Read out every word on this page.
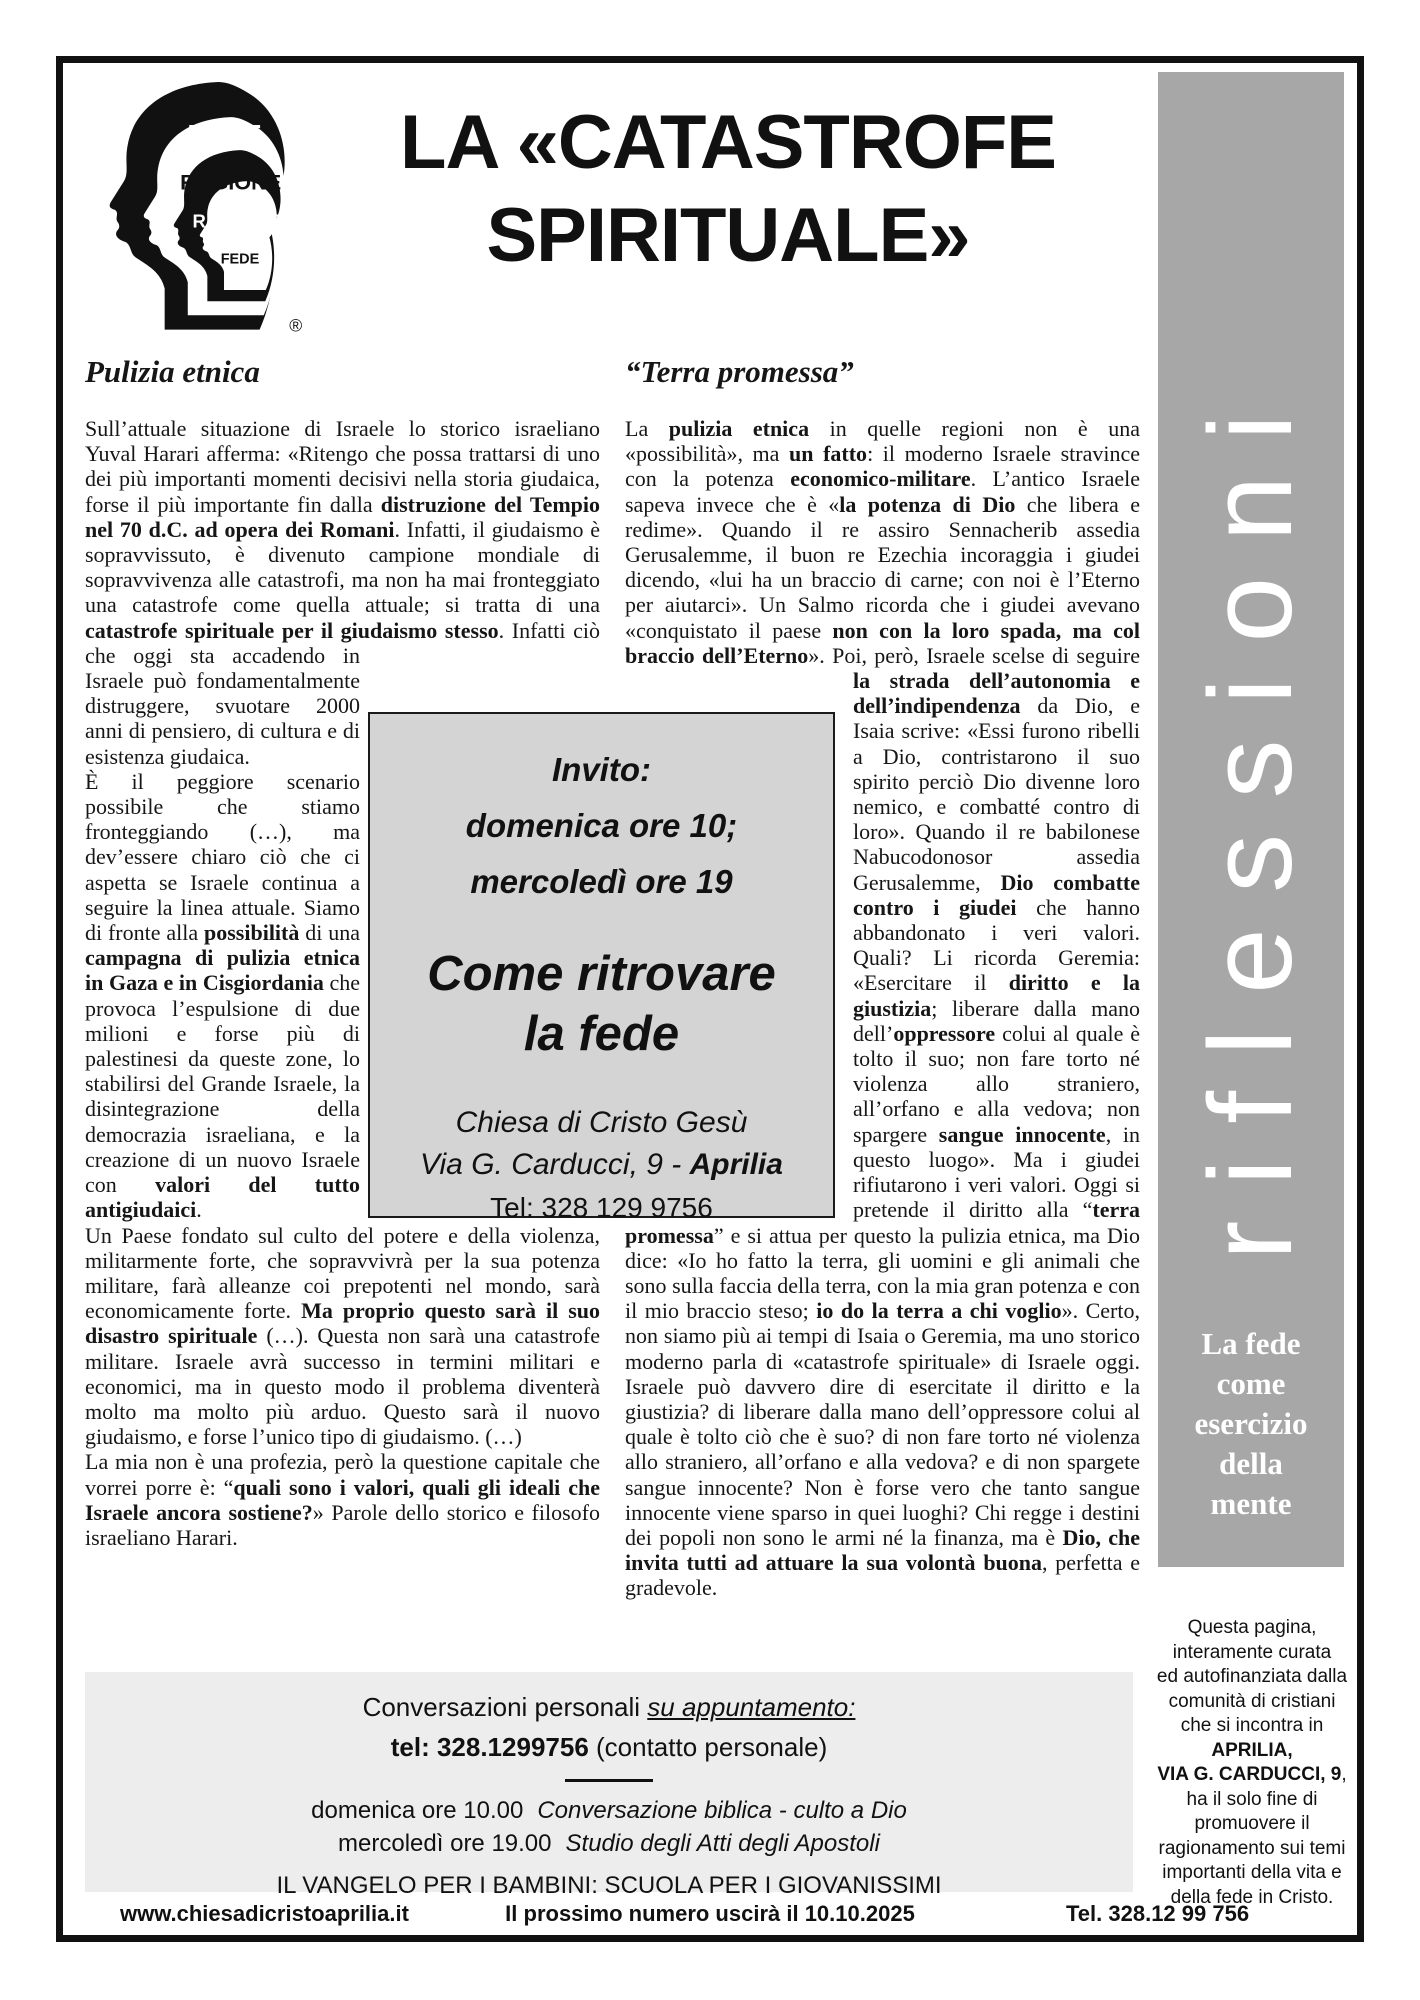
FEDE
RAGIONE
RAGIONE
FEDE
®
LA «CATASTROFE
SPIRITUALE»
Pulizia etnica

Sull’attuale situazione di Israele lo storico israeliano Yuval Harari afferma: «Ritengo che possa trattarsi di uno dei più importanti momenti decisivi nella storia giudaica, forse il più importante fin dalla distruzione del Tempio nel 70 d.C. ad opera dei Romani. Infatti, il giudaismo è sopravvissuto, è divenuto campione mondiale di sopravvivenza alle catastrofi, ma non ha mai fronteggiato una catastrofe come quella attuale; si tratta di una catastrofe spirituale per il giudaismo stesso. Infatti ciò che oggi sta accadendo
in Israele può fondamentalmente distruggere, svuotare 2000 anni di pensiero, di cultura e di esistenza giudaica.

È il peggiore scenario possibile che stiamo fronteggiando (…), ma dev’essere chiaro ciò che ci aspetta se Israele continua a seguire la linea attuale. Siamo di fronte alla possibilità di una campagna di pulizia etnica in Gaza e in Cisgiordania che provoca l’espulsione di due milioni e forse più di palestinesi da queste zone, lo stabilirsi del Grande Israele, la disintegrazione della democrazia israeliana, e la creazione di un nuovo Israele con valori del tutto antigiudaici.

Un Paese fondato sul culto del potere e della violenza, militarmente forte, che sopravvivrà per la sua potenza militare, farà alleanze coi prepotenti nel mondo, sarà economicamente forte. Ma proprio questo sarà il suo disastro spirituale (…). Questa non sarà una catastrofe militare. Israele avrà successo in termini militari e economici, ma in questo modo il problema diventerà molto ma molto più arduo. Questo sarà il nuovo giudaismo, e forse l’unico tipo di giudaismo. (…)

La mia non è una profezia, però la questione capitale che vorrei porre è: “quali sono i valori, quali gli ideali che Israele ancora sostiene?» Parole dello storico e filosofo israeliano Harari.

“Terra promessa”

La pulizia etnica in quelle regioni non è una «possibilità», ma un fatto: il moderno Israele stravince con la potenza economico-militare. L’antico Israele sapeva invece che è «la potenza di Dio che libera e redime». Quando il re assiro Sennacherib assedia Gerusalemme, il buon re Ezechia incoraggia i giudei dicendo, «lui ha un braccio di carne; con noi è l’Eterno per aiutarci». Un Salmo ricorda che i giudei avevano «conquistato il paese non con la loro spada, ma col braccio dell’Eterno». Poi, però, Israele scelse di seguire
la strada dell’autonomia e dell’indipendenza da Dio, e Isaia scrive: «Essi furono ribelli a Dio, contristarono il suo spirito perciò Dio divenne loro nemico, e combatté contro di loro». Quando il re babilonese Nabucodonosor assedia Gerusalemme, Dio combatte contro i giudei che hanno abbandonato i veri valori. Quali? Li ricorda Geremia: «Esercitare il diritto e la giustizia; liberare dalla mano dell’oppressore colui al quale è tolto il suo; non fare torto né violenza allo straniero, all’orfano e alla vedova; non spargere sangue innocente, in questo luogo». Ma i giudei rifiutarono i veri valori. Oggi si pretende il diritto alla “terra promessa” e si attua per questo la pulizia etnica, ma Dio dice: «Io ho fatto la terra, gli uomini e gli animali che sono sulla faccia della terra, con la mia gran potenza e con il mio braccio steso; io do la terra a chi voglio». Certo, non siamo più ai tempi di Isaia o Geremia, ma uno storico moderno parla di «catastrofe spirituale» di Israele oggi. Israele può davvero dire di esercitate il diritto e la giustizia? di liberare dalla mano dell’oppressore colui al quale è tolto ciò che è suo? di non fare torto né violenza allo straniero, all’orfano e alla vedova? e di non spargete sangue innocente? Non è forse vero che tanto sangue innocente viene sparso in quei luoghi? Chi regge i destini dei popoli non sono le armi né la finanza, ma è Dio, che invita tutti ad attuare la sua volontà buona, perfetta e gradevole.

Invito:
domenica ore 10;
mercoledì ore 19
Come ritrovare
la fede
Chiesa di Cristo Gesù
Via G. Carducci, 9 - Aprilia
Tel: 328 129 9756	riflessioni
La fede
come
esercizio
della
mente
Questa pagina,
interamente curata
ed autofinanziata dalla
comunità di cristiani
che si incontra in
APRILIA,
VIA G. CARDUCCI, 9,
ha il solo fine di
promuovere il
ragionamento sui temi
importanti della vita e
della fede in Cristo.
Conversazioni personali su appuntamento:
tel: 328.1299756 (contatto personale)
domenica ore 10.00 Conversazione biblica - culto a Dio
mercoledì ore 19.00 Studio degli Atti degli Apostoli
IL VANGELO PER I BAMBINI: SCUOLA PER I GIOVANISSIMI
www.chiesadicristoaprilia.it	Il prossimo numero uscirà il 10.10.2025	Tel. 328.12 99 756
